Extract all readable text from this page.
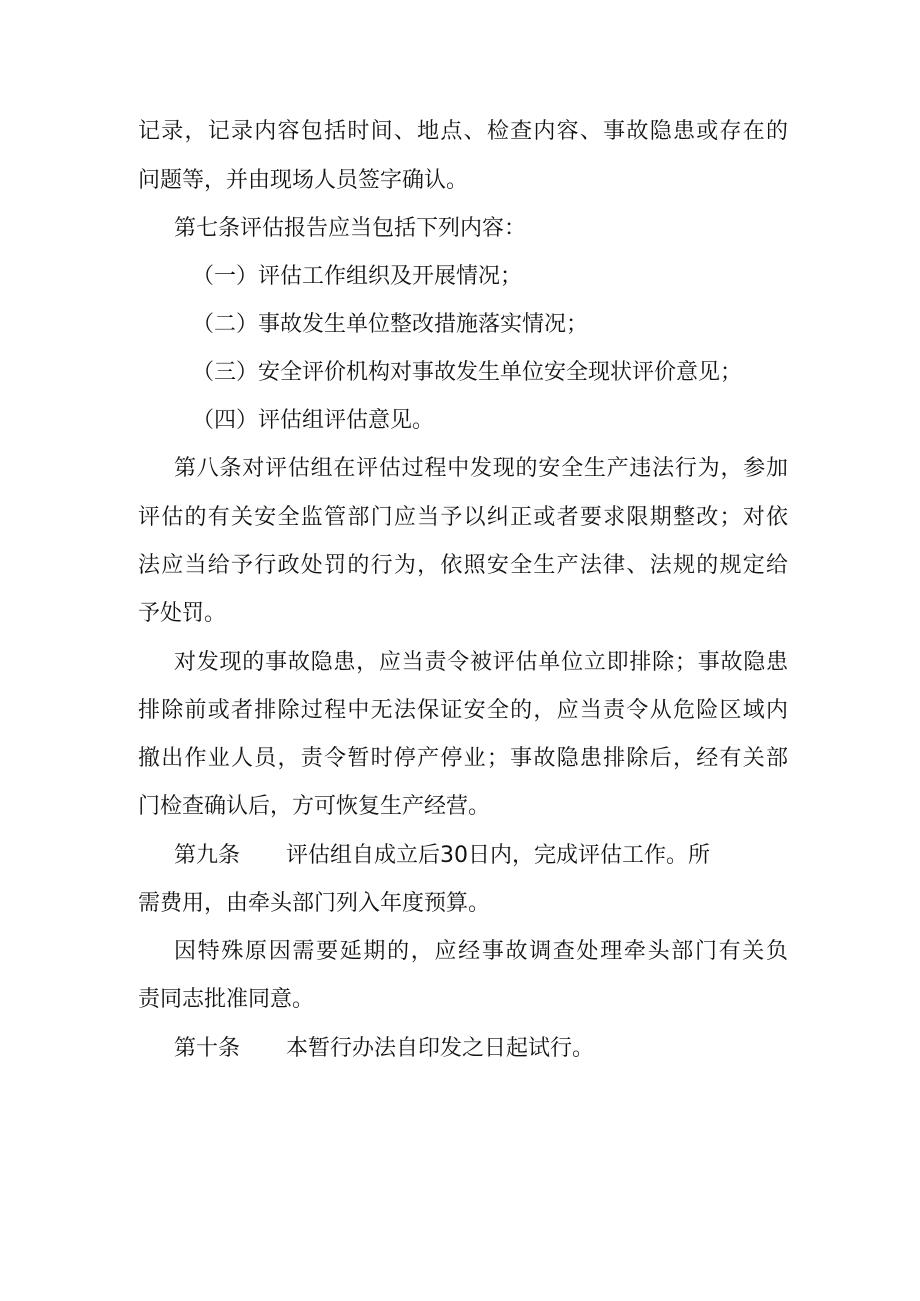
记录，记录内容包括时间、地点、检查内容、事故隐患或存在的
问题等，并由现场人员签字确认。
第七条评估报告应当包括下列内容：
（一）评估工作组织及开展情况；
（二）事故发生单位整改措施落实情况；
（三）安全评价机构对事故发生单位安全现状评价意见；
（四）评估组评估意见。
第八条对评估组在评估过程中发现的安全生产违法行为，参加
评估的有关安全监管部门应当予以纠正或者要求限期整改；对依
法应当给予行政处罚的行为，依照安全生产法律、法规的规定给
予处罚。
对发现的事故隐患，应当责令被评估单位立即排除；事故隐患
排除前或者排除过程中无法保证安全的，应当责令从危险区域内
撤出作业人员，责令暂时停产停业；事故隐患排除后，经有关部
门检查确认后，方可恢复生产经营。
第九条 评估组自成立后30日内，完成评估工作。所
需费用，由牵头部门列入年度预算。
因特殊原因需要延期的，应经事故调查处理牵头部门有关负
责同志批准同意。
第十条 本暂行办法自印发之日起试行。
